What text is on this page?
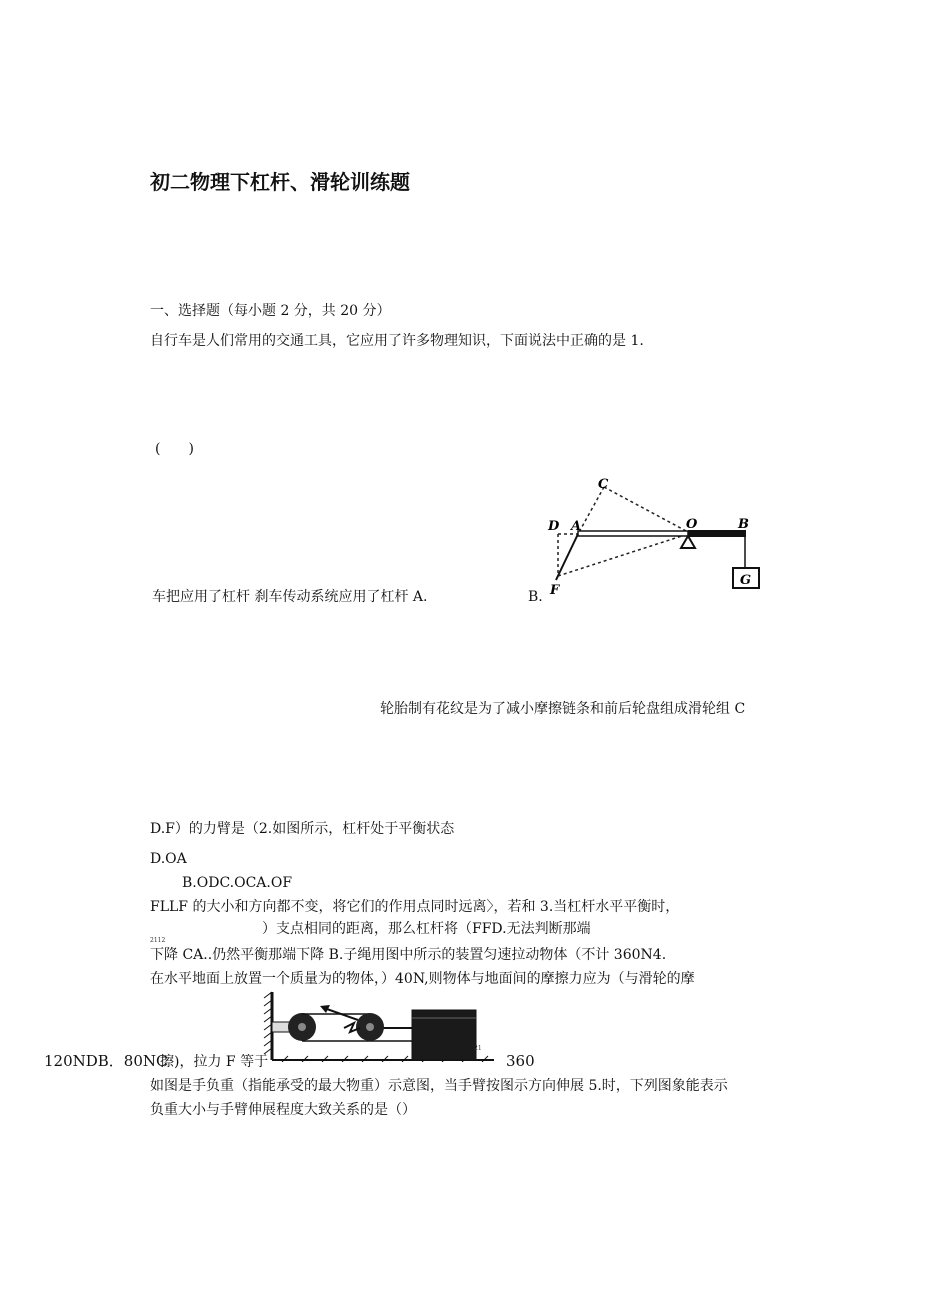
初二物理下杠杆、滑轮训练题
一、选择题（每小题 2 分，共 20 分）
自行车是人们常用的交通工具，它应用了许多物理知识，下面说法中正确的是 1.
(　　)
G
C
D A	O	B
F
车把应用了杠杆 刹车传动系统应用了杠杆 A.	B.
轮胎制有花纹是为了减小摩擦链条和前后轮盘组成滑轮组 C
D.F）的力臂是（2.如图所示，杠杆处于平衡状态
D.OA
B.ODC.OCA.OF
FLLF 的大小和方向都不变，将它们的作用点同时远离〉，若和 3.当杠杆水平平衡时，
）支点相同的距离，那么杠杆将（FFD.无法判断那端
2112
下降 CA..仍然平衡那端下降 B.子绳用图中所示的装置匀速拉动物体（不计 360N4.
在水平地面上放置一个质量为的物体，）40N,则物体与地面间的摩擦力应为（与滑轮的摩
21
120NDB．80NC
擦)，拉力 F 等于	360
如图是手负重（指能承受的最大物重）示意图，当手臂按图示方向伸展 5.时，下列图象能表示
负重大小与手臂伸展程度大致关系的是（）
